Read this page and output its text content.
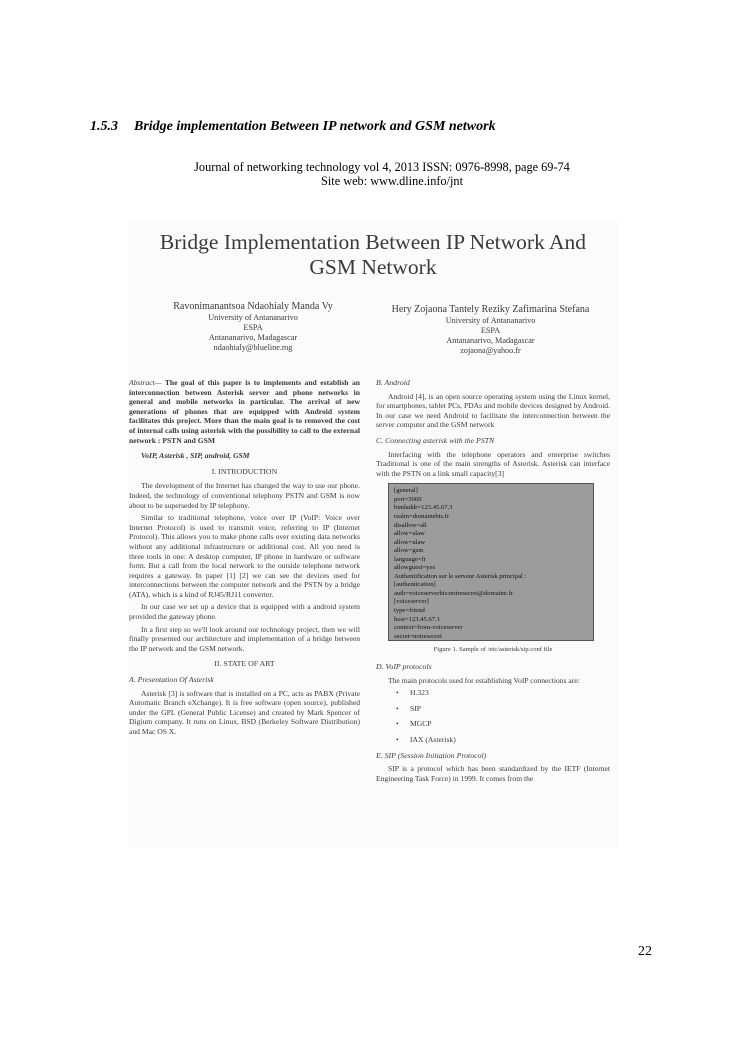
1.5.3 Bridge implementation Between IP network and GSM network
Journal of networking technology vol 4, 2013 ISSN: 0976-8998, page 69-74
Site web: www.dline.info/jnt
Bridge Implementation Between IP Network And
GSM Network
Ravonimanantsoa Ndaohialy Manda Vy
University of Antananarivo
ESPA
Antananarivo, Madagascar
ndaohialy@blueline.mg
Hery Zojaona Tantely Reziky Zafimarina Stefana
University of Antananarivo
ESPA
Antananarivo, Madagascar
zojaona@yahoo.fr

Abstract— The goal of this paper is to implements and establish an interconnection between Asterisk server and phone networks in general and mobile networks in particular. The arrival of new generations of phones that are equipped with Android system facilitates this project. More than the main goal is to removed the cost of internal calls using asterisk with the possibility to call to the external network : PSTN and GSM

VoIP, Asterisk , SIP, android, GSM

I. INTRODUCTION

The development of the Internet has changed the way to use our phone. Indeed, the technology of conventional telephony PSTN and GSM is now about to be superseded by IP telephony.

Similar to traditional telephone, voice over IP (VoIP: Voice over Internet Protocol) is used to transmit voice, referring to IP (Internet Protocol). This allows you to make phone calls over existing data networks without any additional infrastructure or additional cost. All you need is three tools in one: A desktop computer, IP phone in hardware or software form. But a call from the local network to the outside telephone network requires a gateway. In paper [1] [2] we can see the devices used for interconnections between the computer network and the PSTN by a bridge (ATA), which is a kind of RJ45/RJ11 converter.

In our case we set up a device that is equipped with a android system provided the gateway phone.

In a first step so we'll look around our technology project, then we will finally presented our architecture and implementation of a bridge between the IP network and the GSM network.

II. STATE OF ART

A. Presentation Of Asterisk

Asterisk [3] is software that is installed on a PC, acts as PABX (Private Automatic Branch eXchange). It is free software (open source), published under the GPL (General Public License) and created by Mark Spencer of Digium company. It runs on Linux, BSD (Berkeley Software Distribution) and Mac OS X.

B. Android

Android [4], is an open source operating system using the Linux kernel, for smartphones, tablet PCs, PDAs and mobile devices designed by Android. In our case we need Android to facilitate the interconnection between the server computer and the GSM network

C. Connecting asterisk with the PSTN

Interfacing with the telephone operators and enterprise switches Traditional is one of the main strengths of Asterisk. Asterisk can interface with the PSTN on a link small capacity[3]

[general]
port=5060
bindaddr=123.45.67.3
realm=domainebis.fr
disallow=all
allow=alaw
allow=ulaw
allow=gsm
language=fr
allowguest=yes
Authentification sur le serveur Asterisk principal :
[authentication]
auth=voiceserverbis:notresecret@domaine.fr
[voiceserver]
type=friend
host=123.45.67.1
context=from-voiceserver
secret=notresecret
Figure 1. Sample of /etc/asterisk/sip.conf file

D. VoIP protocols

The main protocols used for establishing VoIP connections are:

• H.323
• SIP
• MGCP
• IAX (Asterisk)

E. SIP (Session Initiation Protocol)

SIP is a protocol which has been standardized by the IETF (Internet Engineering Task Force) in 1999. It comes from the

22
